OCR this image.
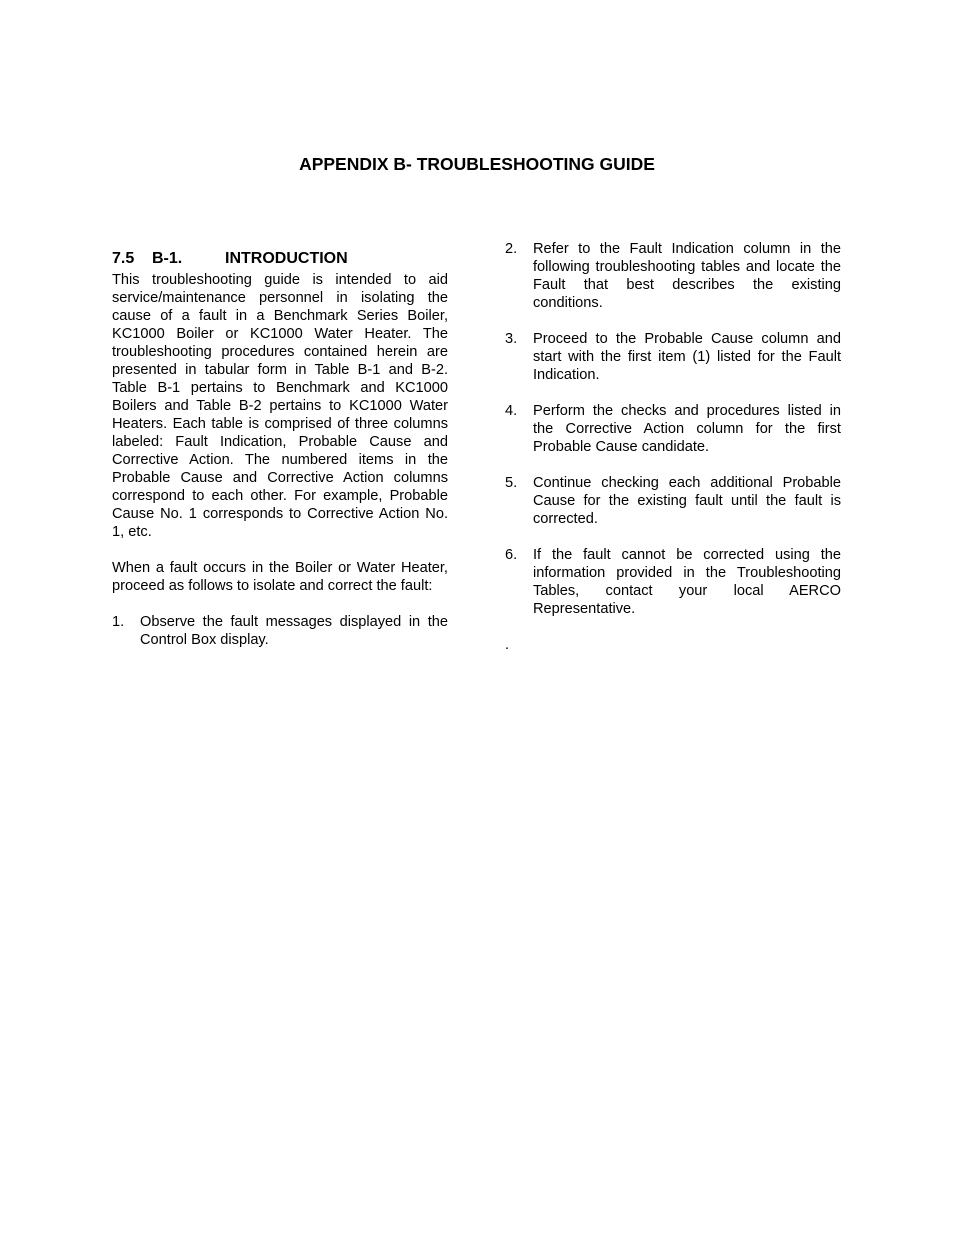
APPENDIX B- TROUBLESHOOTING GUIDE
7.5 B-1.	INTRODUCTION

This troubleshooting guide is intended to aid service/maintenance personnel in isolating the cause of a fault in a Benchmark Series Boiler, KC1000 Boiler or KC1000 Water Heater. The troubleshooting procedures contained herein are presented in tabular form in Table B-1 and B-2. Table B-1 pertains to Benchmark and KC1000 Boilers and Table B-2 pertains to KC1000 Water Heaters. Each table is comprised of three columns labeled: Fault Indication, Probable Cause and Corrective Action. The numbered items in the Probable Cause and Corrective Action columns correspond to each other. For example, Probable Cause No. 1 corresponds to Corrective Action No. 1, etc.

When a fault occurs in the Boiler or Water Heater, proceed as follows to isolate and correct the fault:

1.	Observe the fault messages displayed in the Control Box display.
2.	Refer to the Fault Indication column in the following troubleshooting tables and locate the Fault that best describes the existing conditions.
3.	Proceed to the Probable Cause column and start with the first item (1) listed for the Fault Indication.
4.	Perform the checks and procedures listed in the Corrective Action column for the first Probable Cause candidate.
5.	Continue checking each additional Probable Cause for the existing fault until the fault is corrected.
6.	If the fault cannot be corrected using the information provided in the Troubleshooting Tables, contact your local AERCO Representative.
.
